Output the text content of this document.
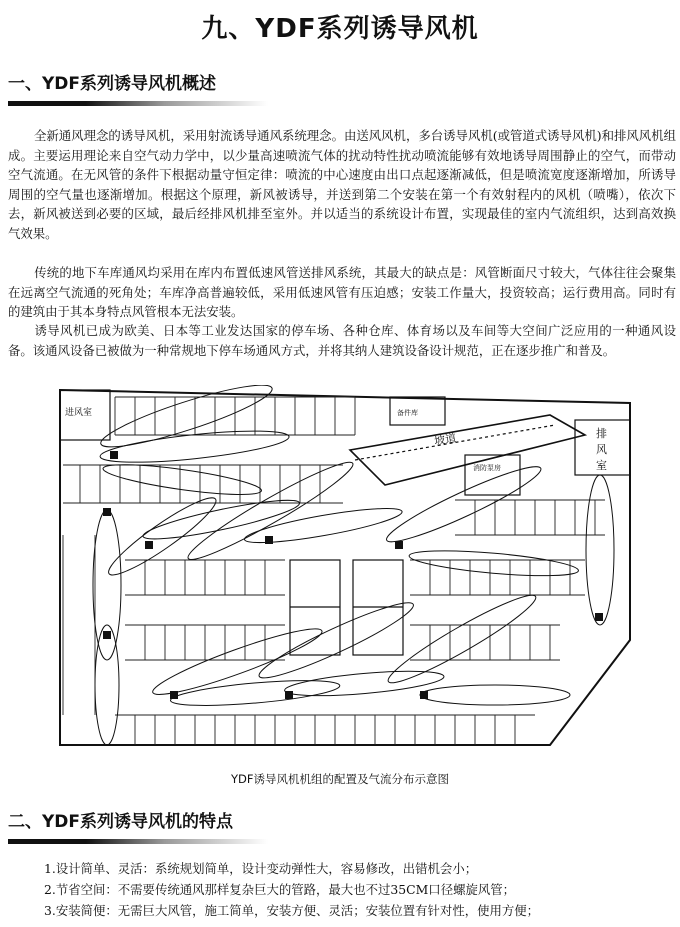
九、YDF系列诱导风机
一、YDF系列诱导风机概述

全新通风理念的诱导风机，采用射流诱导通风系统理念。由送风风机，多台诱导风机(或管道式诱导风机)和排风风机组成。主要运用理论来自空气动力学中，以少量高速喷流气体的扰动特性扰动喷流能够有效地诱导周围静止的空气，而带动空气流通。在无风管的条件下根据动量守恒定律：喷流的中心速度由出口点起逐渐减低，但是喷流宽度逐渐增加，所诱导周围的空气量也逐渐增加。根据这个原理，新风被诱导，并送到第二个安装在第一个有效射程内的风机（喷嘴），依次下去，新风被送到必要的区域，最后经排风机排至室外。并以适当的系统设计布置，实现最佳的室内气流组织，达到高效换气效果。

传统的地下车库通风均采用在库内布置低速风管送排风系统，其最大的缺点是：风管断面尺寸较大，气体往往会聚集在远离空气流通的死角处；车库净高普遍较低，采用低速风管有压迫感；安装工作量大，投资较高；运行费用高。同时有的建筑由于其本身特点风管根本无法安装。

诱导风机已成为欧美、日本等工业发达国家的停车场、各种仓库、体育场以及车间等大空间广泛应用的一种通风设备。该通风设备已被做为一种常规地下停车场通风方式，并将其纳人建筑设备设计规范，正在逐步推广和普及。

进风室	备件库
坡道	排
风
室
消防泵房
YDF诱导风机机组的配置及气流分布示意图
二、YDF系列诱导风机的特点
1.设计简单、灵活：系统规划简单，设计变动弹性大，容易修改，出错机会小；
2.节省空间：不需要传统通风那样复杂巨大的管路，最大也不过35CM口径螺旋风管；
3.安装简便：无需巨大风管，施工简单，安装方便、灵活；安装位置有针对性，使用方便；
